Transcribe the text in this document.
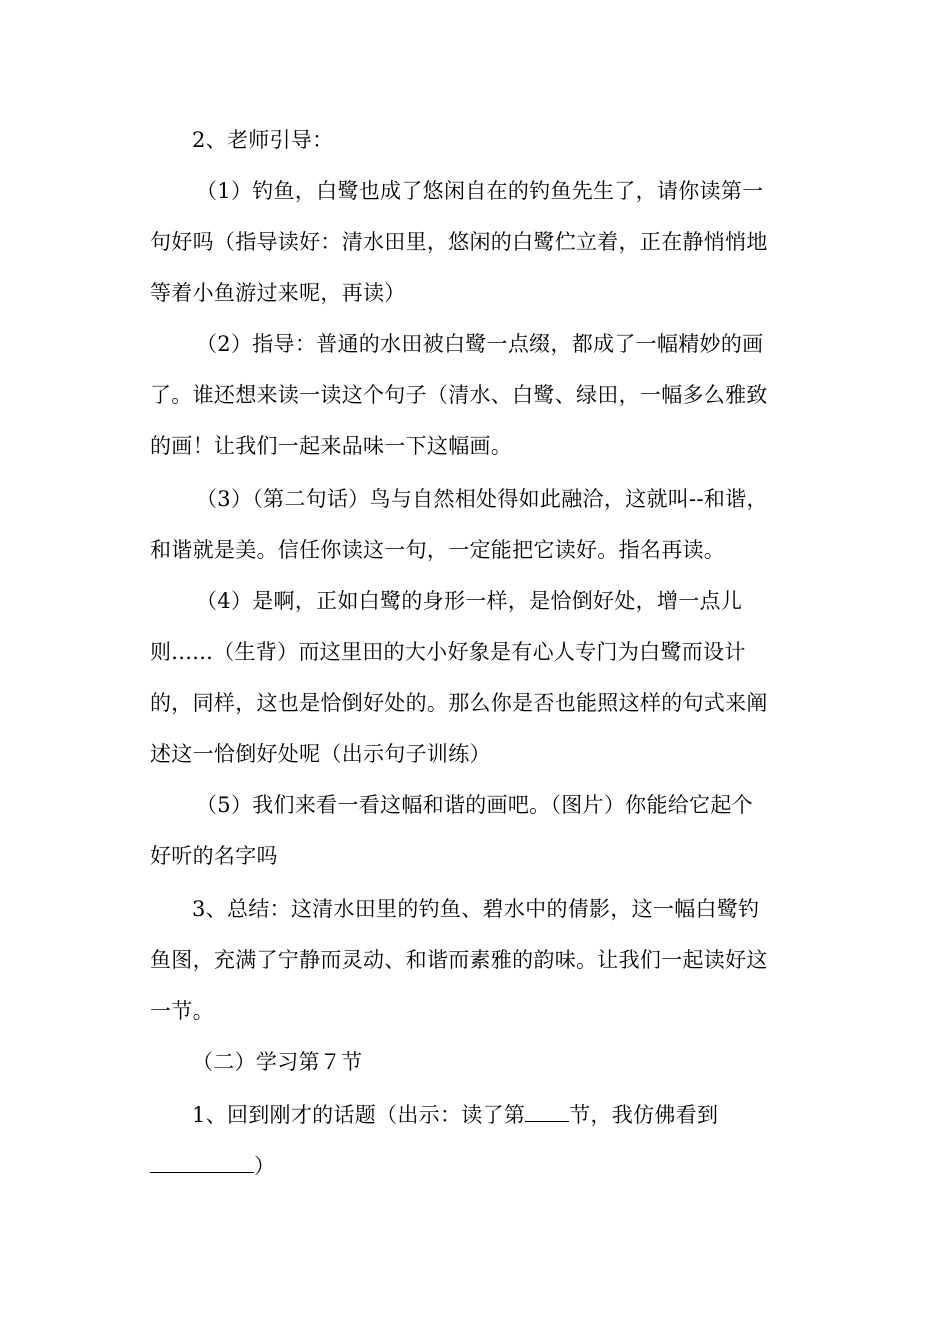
2、老师引导：
（1）钓鱼，白鹭也成了悠闲自在的钓鱼先生了，请你读第一
句好吗（指导读好：清水田里，悠闲的白鹭伫立着，正在静悄悄地
等着小鱼游过来呢，再读）
（2）指导：普通的水田被白鹭一点缀，都成了一幅精妙的画
了。谁还想来读一读这个句子（清水、白鹭、绿田，一幅多么雅致
的画！让我们一起来品味一下这幅画。
（3）（第二句话）鸟与自然相处得如此融洽，这就叫--和谐，
和谐就是美。信任你读这一句，一定能把它读好。指名再读。
（4）是啊，正如白鹭的身形一样，是恰倒好处，增一点儿
则......（生背）而这里田的大小好象是有心人专门为白鹭而设计
的，同样，这也是恰倒好处的。那么你是否也能照这样的句式来阐
述这一恰倒好处呢（出示句子训练）
（5）我们来看一看这幅和谐的画吧。（图片）你能给它起个
好听的名字吗
3、总结：这清水田里的钓鱼、碧水中的倩影，这一幅白鹭钓
鱼图，充满了宁静而灵动、和谐而素雅的韵味。让我们一起读好这
一节。
（二）学习第７节
1、回到刚才的话题（出示：读了第 节，我仿佛看到
）
